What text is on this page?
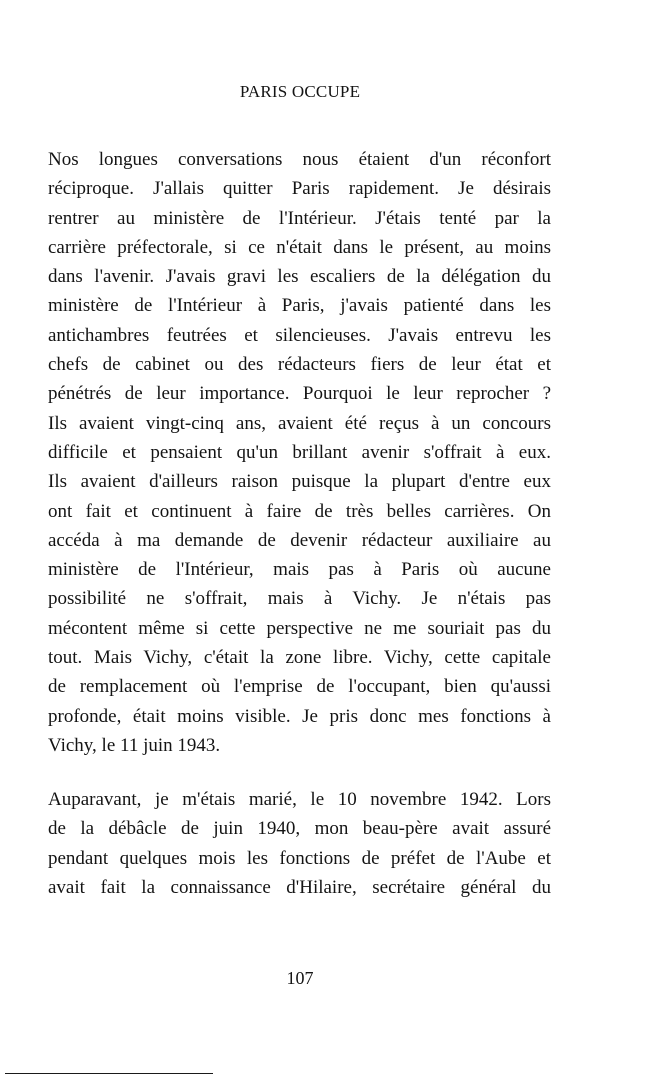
PARIS OCCUPE

Nos longues conversations nous étaient d'un réconfort
réciproque. J'allais quitter Paris rapidement. Je désirais
rentrer au ministère de l'Intérieur. J'étais tenté par la
carrière préfectorale, si ce n'était dans le présent, au moins
dans l'avenir. J'avais gravi les escaliers de la délégation du
ministère de l'Intérieur à Paris, j'avais patienté dans les
antichambres feutrées et silencieuses. J'avais entrevu les
chefs de cabinet ou des rédacteurs fiers de leur état et
pénétrés de leur importance. Pourquoi le leur reprocher ?
Ils avaient vingt-cinq ans, avaient été reçus à un concours
difficile et pensaient qu'un brillant avenir s'offrait à eux.
Ils avaient d'ailleurs raison puisque la plupart d'entre eux
ont fait et continuent à faire de très belles carrières. On
accéda à ma demande de devenir rédacteur auxiliaire au
ministère de l'Intérieur, mais pas à Paris où aucune
possibilité ne s'offrait, mais à Vichy. Je n'étais pas
mécontent même si cette perspective ne me souriait pas du
tout. Mais Vichy, c'était la zone libre. Vichy, cette capitale
de remplacement où l'emprise de l'occupant, bien qu'aussi
profonde, était moins visible. Je pris donc mes fonctions à
Vichy, le 11 juin 1943.

Auparavant, je m'étais marié, le 10 novembre 1942. Lors
de la débâcle de juin 1940, mon beau-père avait assuré
pendant quelques mois les fonctions de préfet de l'Aube et
avait fait la connaissance d'Hilaire, secrétaire général du

107
